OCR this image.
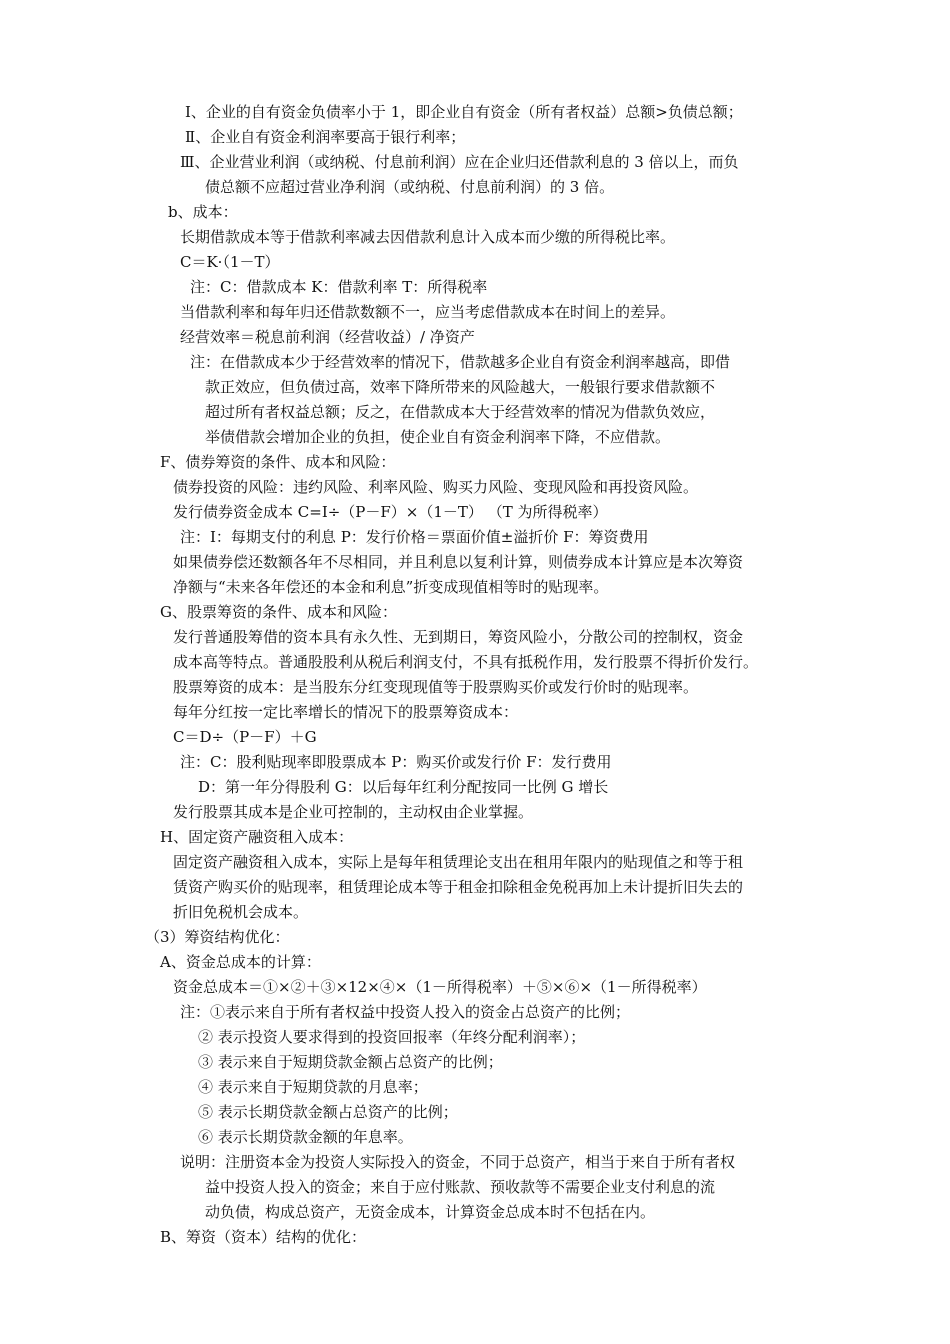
Ⅰ、企业的自有资金负债率小于 1，即企业自有资金（所有者权益）总额>负债总额；
Ⅱ、企业自有资金利润率要高于银行利率；
Ⅲ、企业营业利润（或纳税、付息前利润）应在企业归还借款利息的 3 倍以上，而负
债总额不应超过营业净利润（或纳税、付息前利润）的 3 倍。
b、成本：
长期借款成本等于借款利率减去因借款利息计入成本而少缴的所得税比率。
C＝K·（1－T）
注：C：借款成本 K：借款利率 T：所得税率
当借款利率和每年归还借款数额不一，应当考虑借款成本在时间上的差异。
经营效率＝税息前利润（经营收益）/ 净资产
注：在借款成本少于经营效率的情况下，借款越多企业自有资金利润率越高，即借
款正效应，但负债过高，效率下降所带来的风险越大，一般银行要求借款额不
超过所有者权益总额；反之，在借款成本大于经营效率的情况为借款负效应，
举债借款会增加企业的负担，使企业自有资金利润率下降，不应借款。
F、债券筹资的条件、成本和风险：
债券投资的风险：违约风险、利率风险、购买力风险、变现风险和再投资风险。
发行债券资金成本 C=I÷（P－F）×（1－T） （T 为所得税率）
注：I：每期支付的利息 P：发行价格＝票面价值±溢折价 F：筹资费用
如果债券偿还数额各年不尽相同，并且利息以复利计算，则债券成本计算应是本次筹资
净额与“未来各年偿还的本金和利息”折变成现值相等时的贴现率。
G、股票筹资的条件、成本和风险：
发行普通股筹借的资本具有永久性、无到期日，筹资风险小，分散公司的控制权，资金
成本高等特点。普通股股利从税后利润支付，不具有抵税作用，发行股票不得折价发行。
股票筹资的成本：是当股东分红变现现值等于股票购买价或发行价时的贴现率。
每年分红按一定比率增长的情况下的股票筹资成本：
C＝D÷（P－F）＋G
注：C：股利贴现率即股票成本 P：购买价或发行价 F：发行费用
D：第一年分得股利 G：以后每年红利分配按同一比例 G 增长
发行股票其成本是企业可控制的，主动权由企业掌握。
H、固定资产融资租入成本：
固定资产融资租入成本，实际上是每年租赁理论支出在租用年限内的贴现值之和等于租
赁资产购买价的贴现率，租赁理论成本等于租金扣除租金免税再加上未计提折旧失去的
折旧免税机会成本。
（3）筹资结构优化：
A、资金总成本的计算：
资金总成本＝①×②＋③×12×④×（1－所得税率）＋⑤×⑥×（1－所得税率）
注：①表示来自于所有者权益中投资人投入的资金占总资产的比例；
② 表示投资人要求得到的投资回报率（年终分配利润率）；
③ 表示来自于短期贷款金额占总资产的比例；
④ 表示来自于短期贷款的月息率；
⑤ 表示长期贷款金额占总资产的比例；
⑥ 表示长期贷款金额的年息率。
说明：注册资本金为投资人实际投入的资金，不同于总资产，相当于来自于所有者权
益中投资人投入的资金；来自于应付账款、预收款等不需要企业支付利息的流
动负债，构成总资产，无资金成本，计算资金总成本时不包括在内。
B、筹资（资本）结构的优化：
